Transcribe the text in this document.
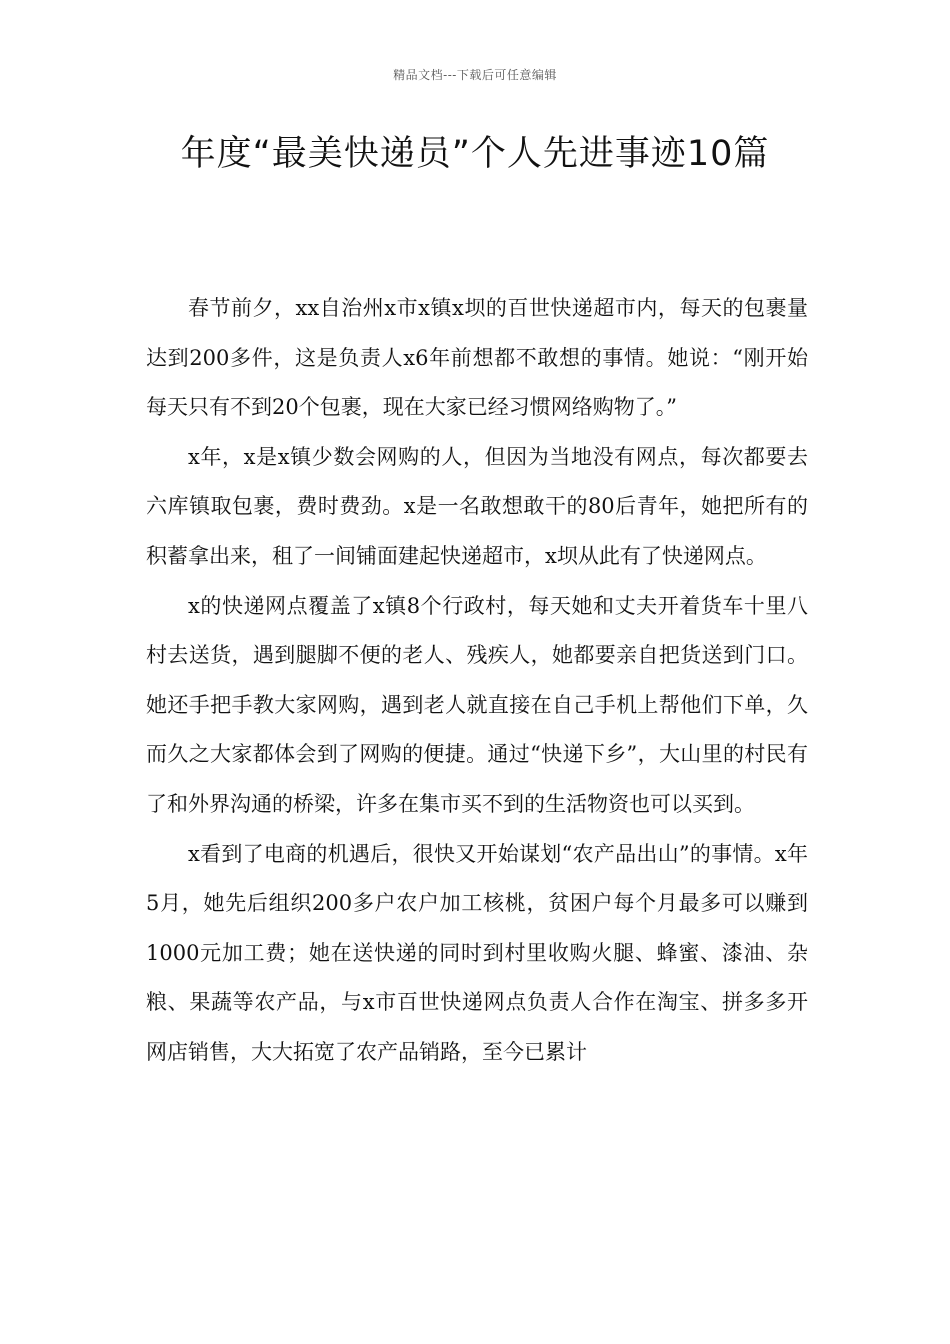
精品文档---下载后可任意编辑
年度“最美快递员”个人先进事迹10篇

春节前夕，xx自治州x市x镇x坝的百世快递超市内，每天的包裹量达到200多件，这是负责人x6年前想都不敢想的事情。她说：“刚开始每天只有不到20个包裹，现在大家已经习惯网络购物了。”

x年，x是x镇少数会网购的人，但因为当地没有网点，每次都要去六库镇取包裹，费时费劲。x是一名敢想敢干的80后青年，她把所有的积蓄拿出来，租了一间铺面建起快递超市，x坝从此有了快递网点。

x的快递网点覆盖了x镇8个行政村，每天她和丈夫开着货车十里八村去送货，遇到腿脚不便的老人、残疾人，她都要亲自把货送到门口。她还手把手教大家网购，遇到老人就直接在自己手机上帮他们下单，久而久之大家都体会到了网购的便捷。通过“快递下乡”，大山里的村民有了和外界沟通的桥梁，许多在集市买不到的生活物资也可以买到。

x看到了电商的机遇后，很快又开始谋划“农产品出山”的事情。x年5月，她先后组织200多户农户加工核桃，贫困户每个月最多可以赚到1000元加工费；她在送快递的同时到村里收购火腿、蜂蜜、漆油、杂粮、果蔬等农产品，与x市百世快递网点负责人合作在淘宝、拼多多开网店销售，大大拓宽了农产品销路，至今已累计
